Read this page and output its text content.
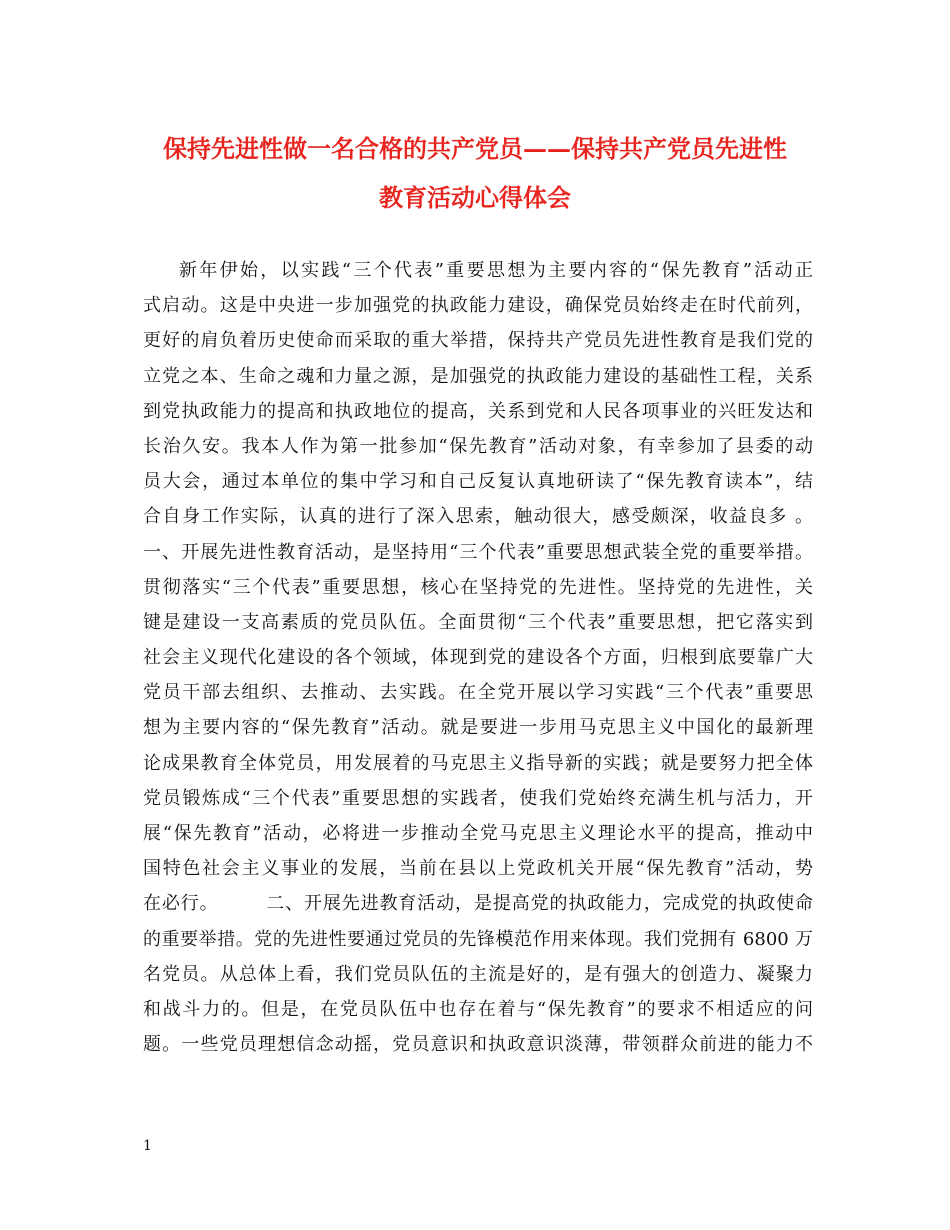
保持先进性做一名合格的共产党员——保持共产党员先进性
教育活动心得体会
新年伊始，以实践“三个代表”重要思想为主要内容的“保先教育”活动正
式启动。这是中央进一步加强党的执政能力建设，确保党员始终走在时代前列，
更好的肩负着历史使命而采取的重大举措，保持共产党员先进性教育是我们党的
立党之本、生命之魂和力量之源，是加强党的执政能力建设的基础性工程，关系
到党执政能力的提高和执政地位的提高，关系到党和人民各项事业的兴旺发达和
长治久安。我本人作为第一批参加“保先教育”活动对象，有幸参加了县委的动
员大会，通过本单位的集中学习和自己反复认真地研读了“保先教育读本”，结
合自身工作实际，认真的进行了深入思索，触动很大，感受颇深，收益良多 。
一、开展先进性教育活动，是坚持用“三个代表”重要思想武装全党的重要举措。
贯彻落实“三个代表”重要思想，核心在坚持党的先进性。坚持党的先进性，关
键是建设一支高素质的党员队伍。全面贯彻“三个代表”重要思想，把它落实到
社会主义现代化建设的各个领域，体现到党的建设各个方面，归根到底要靠广大
党员干部去组织、去推动、去实践。在全党开展以学习实践“三个代表”重要思
想为主要内容的“保先教育”活动。就是要进一步用马克思主义中国化的最新理
论成果教育全体党员，用发展着的马克思主义指导新的实践；就是要努力把全体
党员锻炼成“三个代表”重要思想的实践者，使我们党始终充满生机与活力，开
展“保先教育”活动，必将进一步推动全党马克思主义理论水平的提高，推动中
国特色社会主义事业的发展，当前在县以上党政机关开展“保先教育”活动，势
在必行。　　　二、开展先进教育活动，是提高党的执政能力，完成党的执政使命
的重要举措。党的先进性要通过党员的先锋模范作用来体现。我们党拥有 6800 万
名党员。从总体上看，我们党员队伍的主流是好的，是有强大的创造力、凝聚力
和战斗力的。但是，在党员队伍中也存在着与“保先教育”的要求不相适应的问
题。一些党员理想信念动摇，党员意识和执政意识淡薄，带领群众前进的能力不
1
